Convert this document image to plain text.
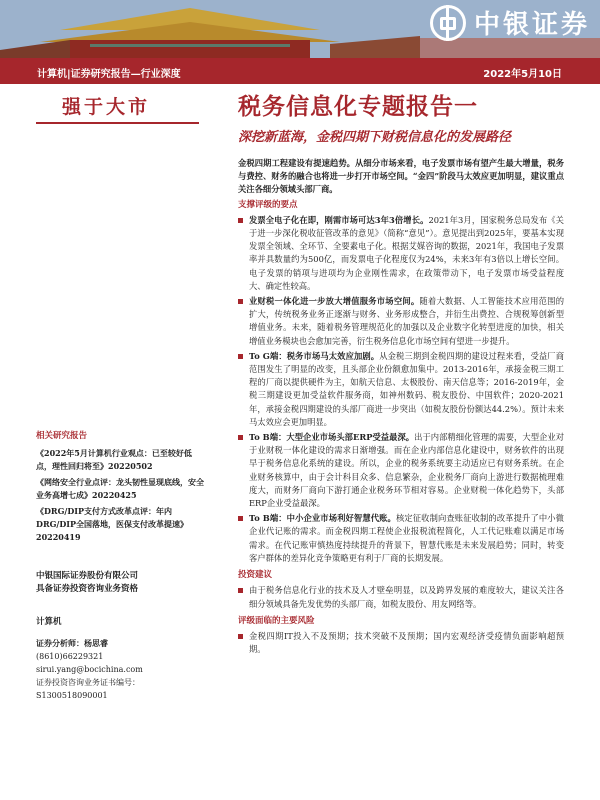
中银证券
计算机|证券研究报告—行业深度	2022年5月10日
强于大市	税务信息化专题报告一
深挖新蓝海，金税四期下财税信息化的发展路径
相关研究报告
《2022年5月计算机行业观点：已至较好低点，理性回归将至》20220502
《网络安全行业点评：龙头韧性显现底线，安全业务高增七成》20220425
《DRG/DIP支付方式改革点评：年内DRG/DIP全国落地，医保支付改革提速》20220419
中银国际证券股份有限公司
具备证券投资咨询业务资格
计算机
证券分析师：杨思睿
(8610)66229321
sirui.yang@bocichina.com
证券投资咨询业务证书编号：S1300518090001
金税四期工程建设有提速趋势。从细分市场来看，电子发票市场有望产生最大增量，税务与费控、财务的融合也将进一步打开市场空间。“金四”阶段马太效应更加明显，建议重点关注各细分领域头部厂商。
支撑评级的要点
发票全电子化在即，刚需市场可达3年3倍增长。2021年3月，国家税务总局发布《关于进一步深化税收征管改革的意见》（简称“意见”）。意见提出到2025年，要基本实现发票全领域、全环节、全要素电子化。根据艾媒咨询的数据，2021年，我国电子发票率并具数量约为500亿，而发票电子化程度仅为24%，未来3年有3倍以上增长空间。电子发票的销项与进项均为企业刚性需求，在政策带动下，电子发票市场受益程度大、确定性较高。
业财税一体化进一步放大增值服务市场空间。随着大数据、人工智能技术应用范围的扩大，传统税务业务正逐渐与财务、业务形成整合，并衍生出费控、合规税筹创新型增值业务。未来，随着税务管理规范化的加强以及企业数字化转型进度的加快，相关增值业务模块也会愈加完善，衍生税务信息化市场空间有望进一步提升。
To G端：税务市场马太效应加剧。从金税三期到金税四期的建设过程来看，受益厂商范围发生了明显的改变，且头部企业份额愈加集中。2013-2016年，承接金税三期工程的厂商以提供硬件为主，如航天信息、太极股份、南天信息等；2016-2019年，金税三期建设更加受益软件服务商，如神州数码、税友股份、中国软件；2020-2021年，承接金税四期建设的头部厂商进一步突出（如税友股份份额达44.2%）。预计未来马太效应会更加明显。
To B端：大型企业市场头部ERP受益最深。出于内部精细化管理的需要，大型企业对于业财税一体化建设的需求日渐增强。而在企业内部信息化建设中，财务软件的出现早于税务信息化系统的建设。所以，企业的税务系统要主动适应已有财务系统。在企业财务核算中，由于会计科目众多、信息繁杂，企业税务厂商向上游进行数据梳理难度大，而财务厂商向下游打通企业税务环节相对容易。企业财税一体化趋势下，头部ERP企业受益最深。
To B端：中小企业市场利好智慧代账。核定征收制向查账征收制的改革提升了中小微企业代记账的需求。而金税四期工程使企业报税流程简化，人工代记账难以满足市场需求。在代记账审慎热度持续提升的背景下，智慧代账是未来发展趋势；同时，转变客户群体的差异化竞争策略更有利于厂商的长期发展。
投资建议
由于税务信息化行业的技术及人才壁垒明显，以及跨界发展的难度较大，建议关注各细分领域具备先发优势的头部厂商，如税友股份、用友网络等。
评级面临的主要风险
金税四期IT投入不及预期；技术突破不及预期；国内宏观经济受疫情负面影响超预期。
